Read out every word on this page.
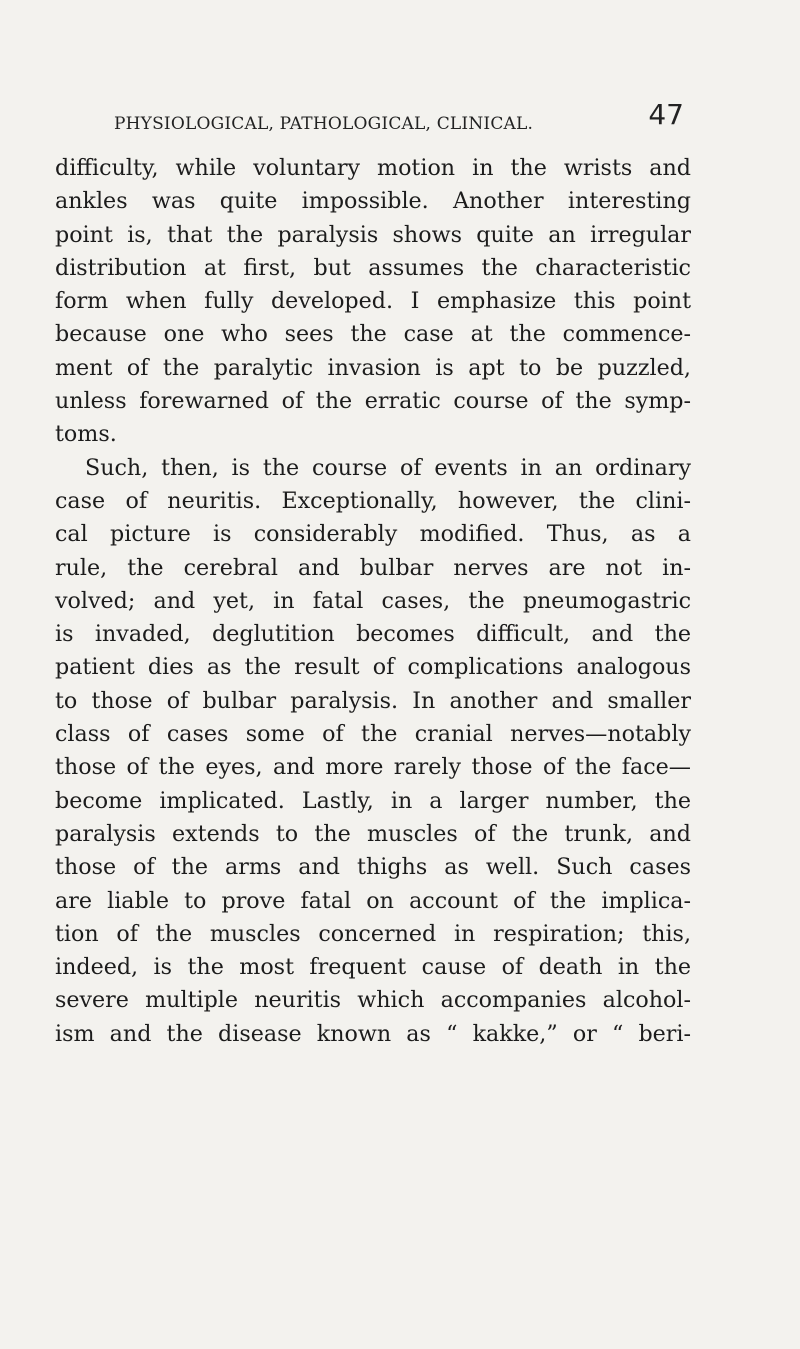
PHYSIOLOGICAL, PATHOLOGICAL, CLINICAL.	47
difficulty, while voluntary motion in the wrists and
ankles was quite impossible. Another interesting
point is, that the paralysis shows quite an irregular
distribution at first, but assumes the characteristic
form when fully developed. I emphasize this point
because one who sees the case at the commence-
ment of the paralytic invasion is apt to be puzzled,
unless forewarned of the erratic course of the symp-
toms.
Such, then, is the course of events in an ordinary
case of neuritis. Exceptionally, however, the clini-
cal picture is considerably modified. Thus, as a
rule, the cerebral and bulbar nerves are not in-
volved; and yet, in fatal cases, the pneumogastric
is invaded, deglutition becomes difficult, and the
patient dies as the result of complications analogous
to those of bulbar paralysis. In another and smaller
class of cases some of the cranial nerves—notably
those of the eyes, and more rarely those of the face—
become implicated. Lastly, in a larger number, the
paralysis extends to the muscles of the trunk, and
those of the arms and thighs as well. Such cases
are liable to prove fatal on account of the implica-
tion of the muscles concerned in respiration; this,
indeed, is the most frequent cause of death in the
severe multiple neuritis which accompanies alcohol-
ism and the disease known as “ kakke,” or “ beri-
